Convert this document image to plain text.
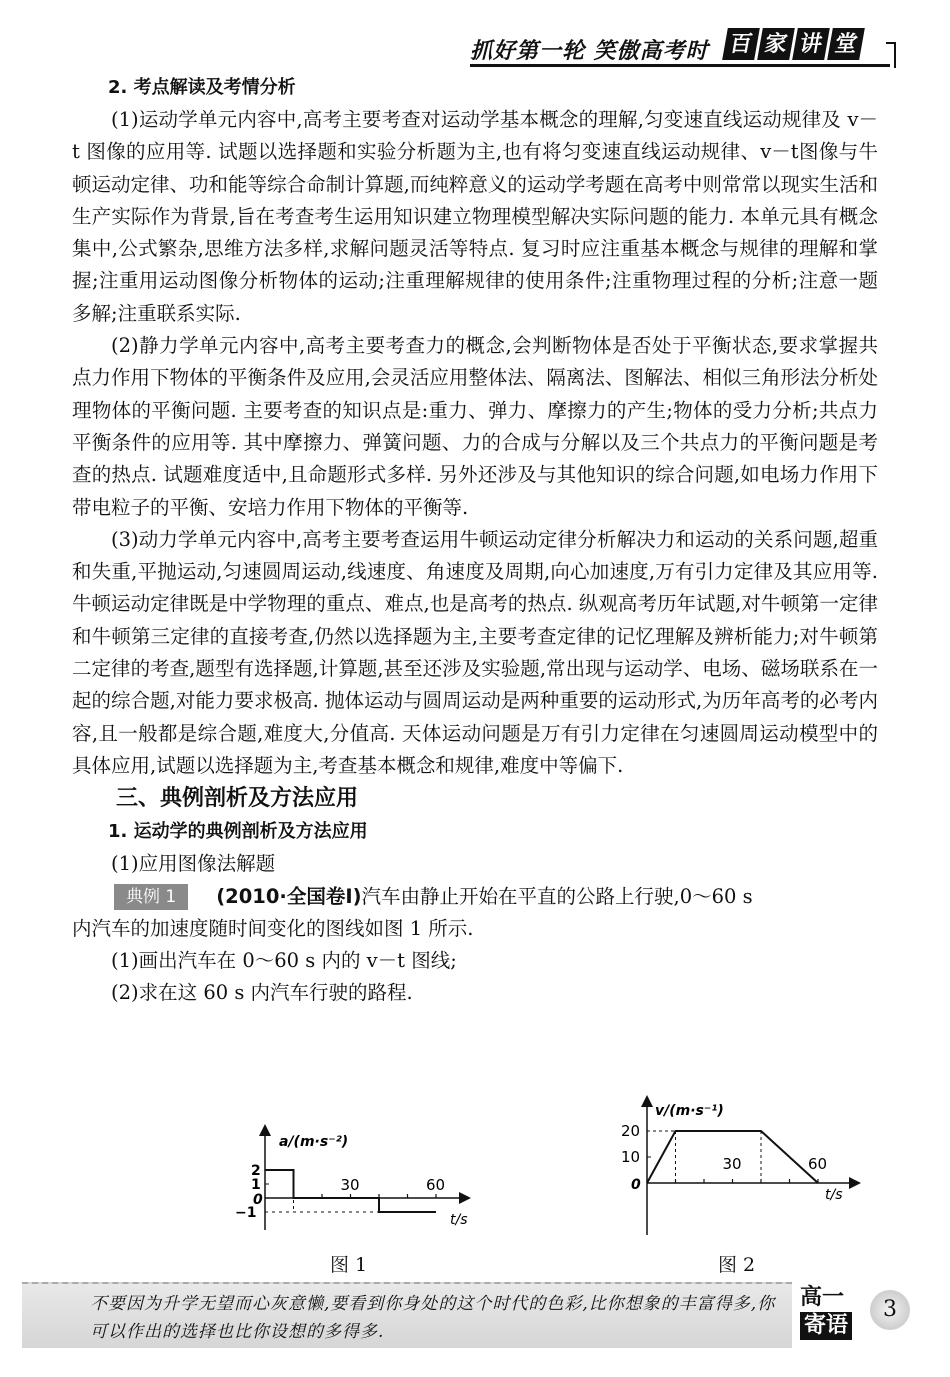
抓好第一轮 笑傲高考时 百 家 讲 堂

2. 考点解读及考情分析

(1)运动学单元内容中,高考主要考查对运动学基本概念的理解,匀变速直线运动规律及 v－t 图像的应用等. 试题以选择题和实验分析题为主,也有将匀变速直线运动规律、v－t图像与牛顿运动定律、功和能等综合命制计算题,而纯粹意义的运动学考题在高考中则常常以现实生活和生产实际作为背景,旨在考查考生运用知识建立物理模型解决实际问题的能力. 本单元具有概念集中,公式繁杂,思维方法多样,求解问题灵活等特点. 复习时应注重基本概念与规律的理解和掌握;注重用运动图像分析物体的运动;注重理解规律的使用条件;注重物理过程的分析;注意一题多解;注重联系实际.

(2)静力学单元内容中,高考主要考查力的概念,会判断物体是否处于平衡状态,要求掌握共点力作用下物体的平衡条件及应用,会灵活应用整体法、隔离法、图解法、相似三角形法分析处理物体的平衡问题. 主要考查的知识点是:重力、弹力、摩擦力的产生;物体的受力分析;共点力平衡条件的应用等. 其中摩擦力、弹簧问题、力的合成与分解以及三个共点力的平衡问题是考查的热点. 试题难度适中,且命题形式多样. 另外还涉及与其他知识的综合问题,如电场力作用下带电粒子的平衡、安培力作用下物体的平衡等.

(3)动力学单元内容中,高考主要考查运用牛顿运动定律分析解决力和运动的关系问题,超重和失重,平抛运动,匀速圆周运动,线速度、角速度及周期,向心加速度,万有引力定律及其应用等. 牛顿运动定律既是中学物理的重点、难点,也是高考的热点. 纵观高考历年试题,对牛顿第一定律和牛顿第三定律的直接考查,仍然以选择题为主,主要考查定律的记忆理解及辨析能力;对牛顿第二定律的考查,题型有选择题,计算题,甚至还涉及实验题,常出现与运动学、电场、磁场联系在一起的综合题,对能力要求极高. 抛体运动与圆周运动是两种重要的运动形式,为历年高考的必考内容,且一般都是综合题,难度大,分值高. 天体运动问题是万有引力定律在匀速圆周运动模型中的具体应用,试题以选择题为主,考查基本概念和规律,难度中等偏下.

三、典例剖析及方法应用

1. 运动学的典例剖析及方法应用

(1)应用图像法解题

典例 1	(2010·全国卷Ⅰ) 汽车由静止开始在平直的公路上行驶,0～60 s

内汽车的加速度随时间变化的图线如图 1 所示.

(1)画出汽车在 0～60 s 内的 v－t 图线;

(2)求在这 60 s 内汽车行驶的路程.

a/(m·s⁻²)
t/s
0
2
1
−1
30	60
图 1
v/(m·s⁻¹)
t/s
0
20
10	30	60
图 2
不要因为升学无望而心灰意懒,要看到你身处的这个时代的色彩,比你想象的丰富得多,你可以作出的选择也比你设想的多得多.
高一
寄语
3
